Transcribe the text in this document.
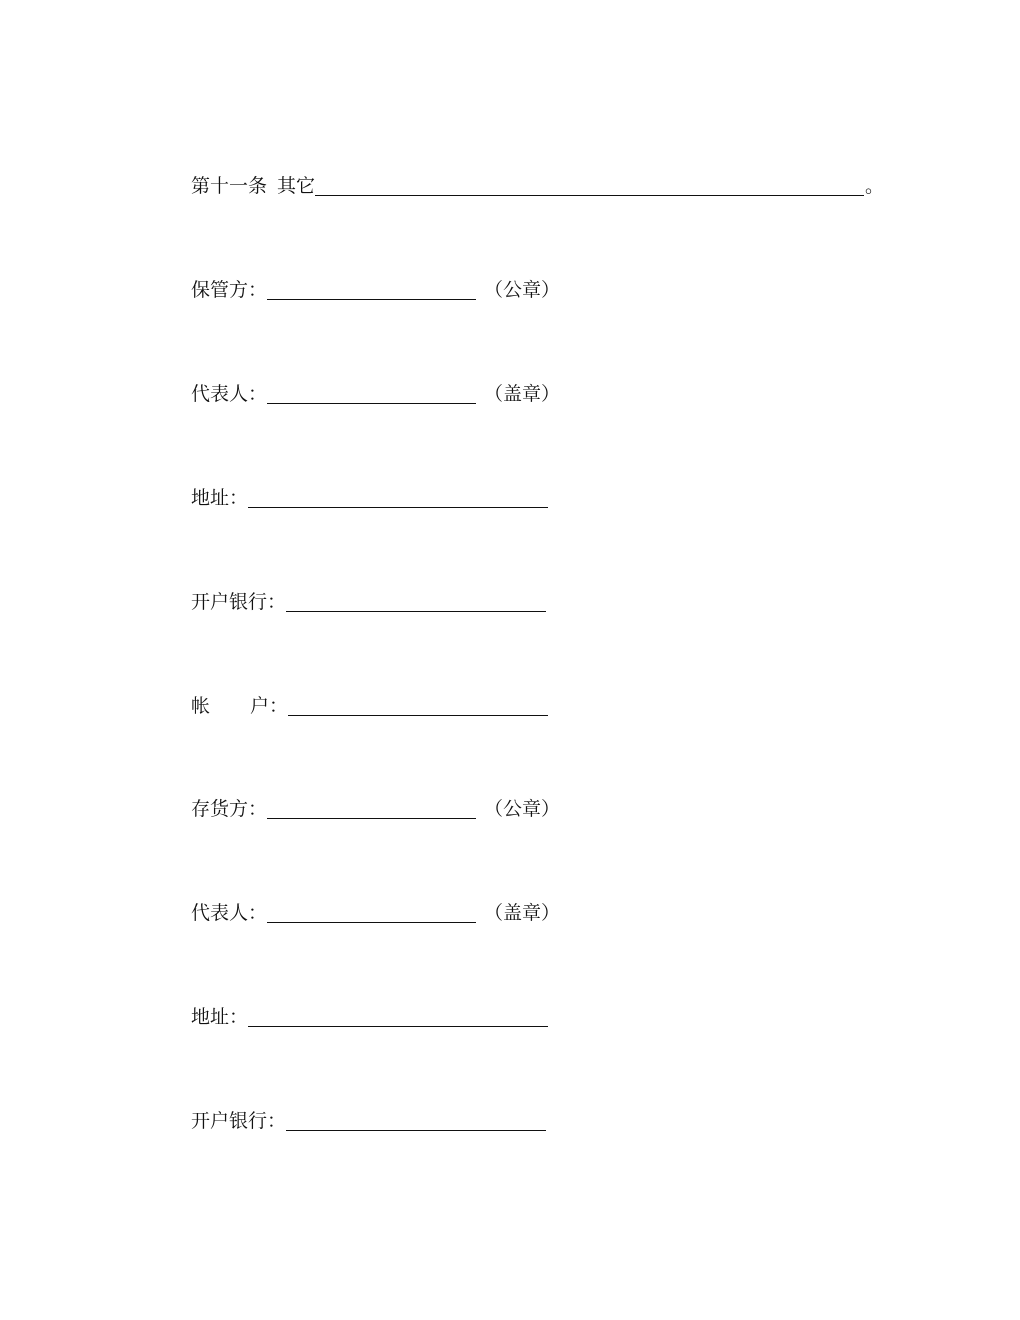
第十一条 其它	。
保管方：	（公章）
代表人：	（盖章）
地址：
开户银行：
帐 户：
存货方：	（公章）
代表人：	（盖章）
地址：
开户银行：
